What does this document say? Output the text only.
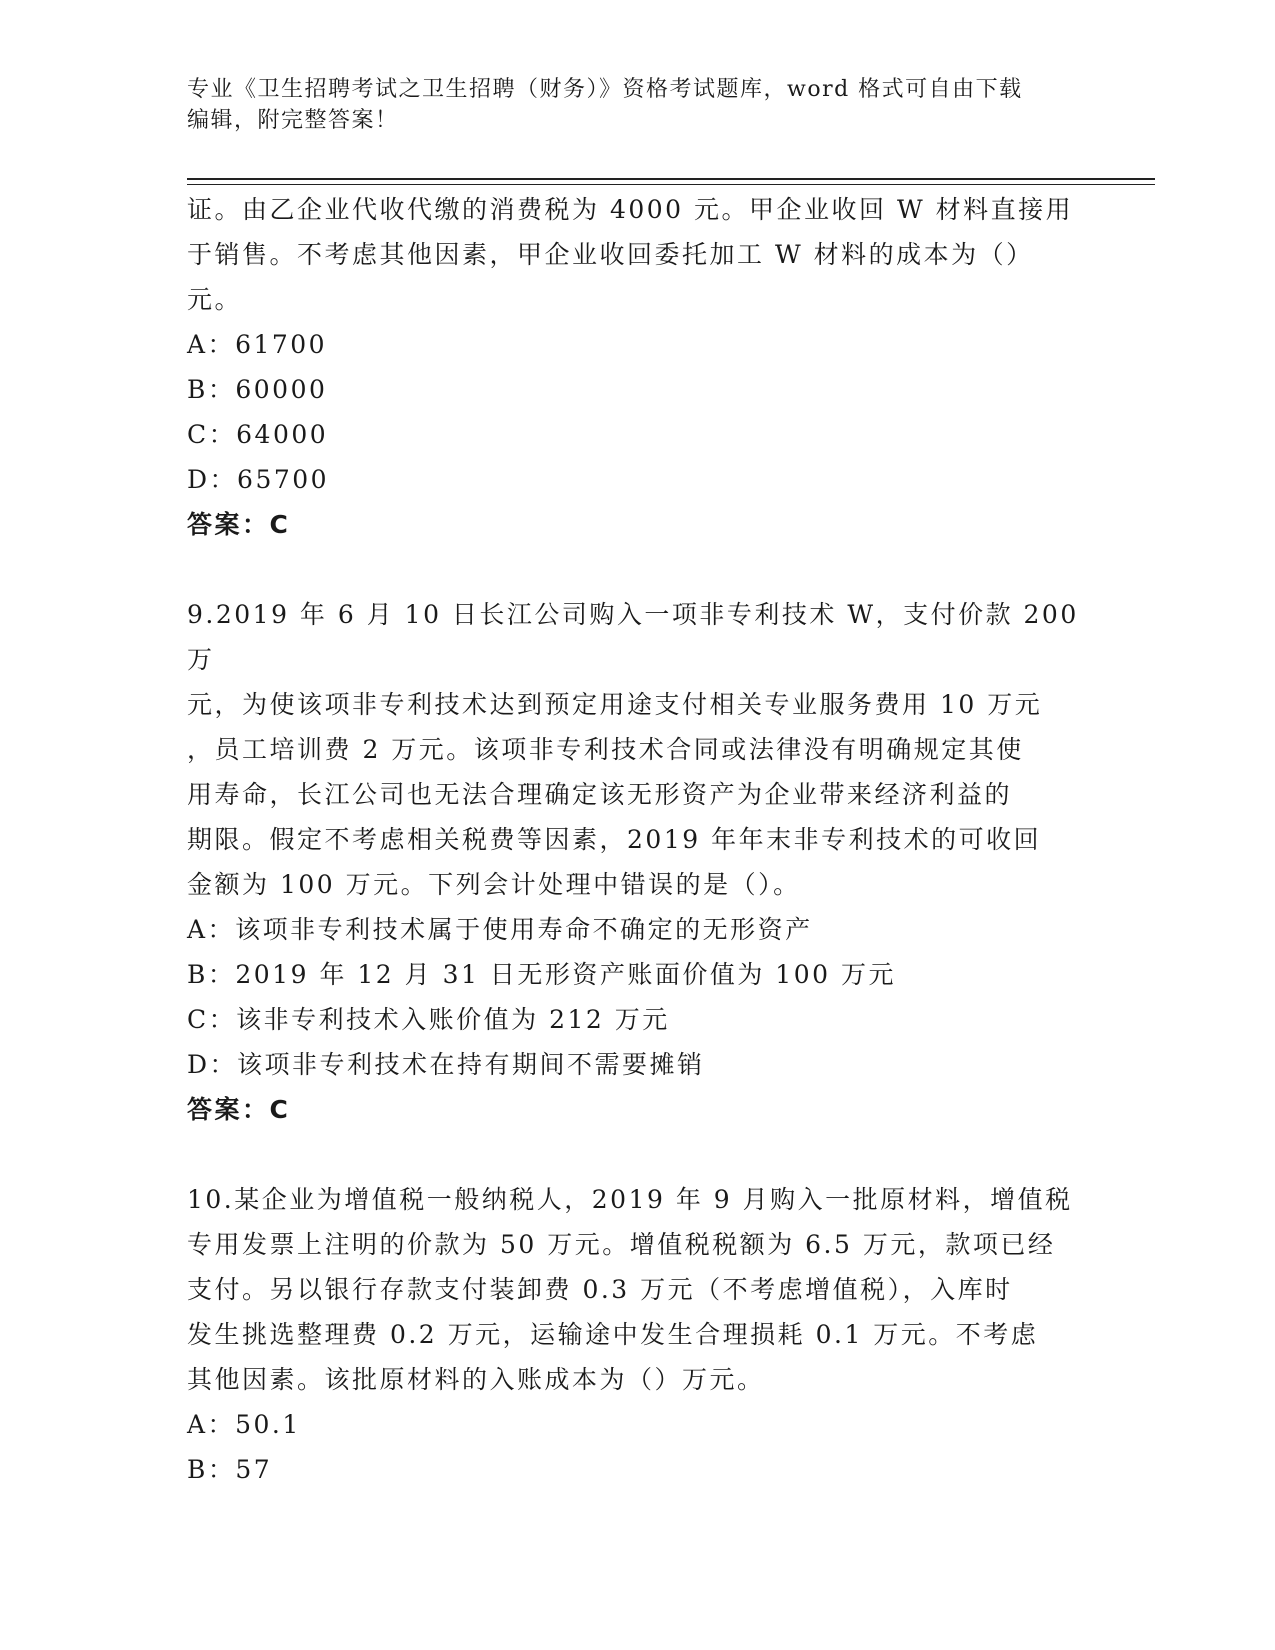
专业《卫生招聘考试之卫生招聘（财务）》资格考试题库，word 格式可自由下载
编辑，附完整答案！

证。由乙企业代收代缴的消费税为 4000 元。甲企业收回 W 材料直接用

于销售。不考虑其他因素，甲企业收回委托加工 W 材料的成本为（）

元。

A： 61700

B： 60000

C： 64000

D： 65700

答案：C

9.2019 年 6 月 10 日长江公司购入一项非专利技术 W，支付价款 200 万

元，为使该项非专利技术达到预定用途支付相关专业服务费用 10 万元

，员工培训费 2 万元。该项非专利技术合同或法律没有明确规定其使

用寿命，长江公司也无法合理确定该无形资产为企业带来经济利益的

期限。假定不考虑相关税费等因素，2019 年年末非专利技术的可收回

金额为 100 万元。下列会计处理中错误的是（）。

A： 该项非专利技术属于使用寿命不确定的无形资产

B： 2019 年 12 月 31 日无形资产账面价值为 100 万元

C： 该非专利技术入账价值为 212 万元

D： 该项非专利技术在持有期间不需要摊销

答案：C

10.某企业为增值税一般纳税人，2019 年 9 月购入一批原材料，增值税

专用发票上注明的价款为 50 万元。增值税税额为 6.5 万元，款项已经

支付。另以银行存款支付装卸费 0.3 万元（不考虑增值税），入库时

发生挑选整理费 0.2 万元，运输途中发生合理损耗 0.1 万元。不考虑

其他因素。该批原材料的入账成本为（）万元。

A： 50.1

B： 57
